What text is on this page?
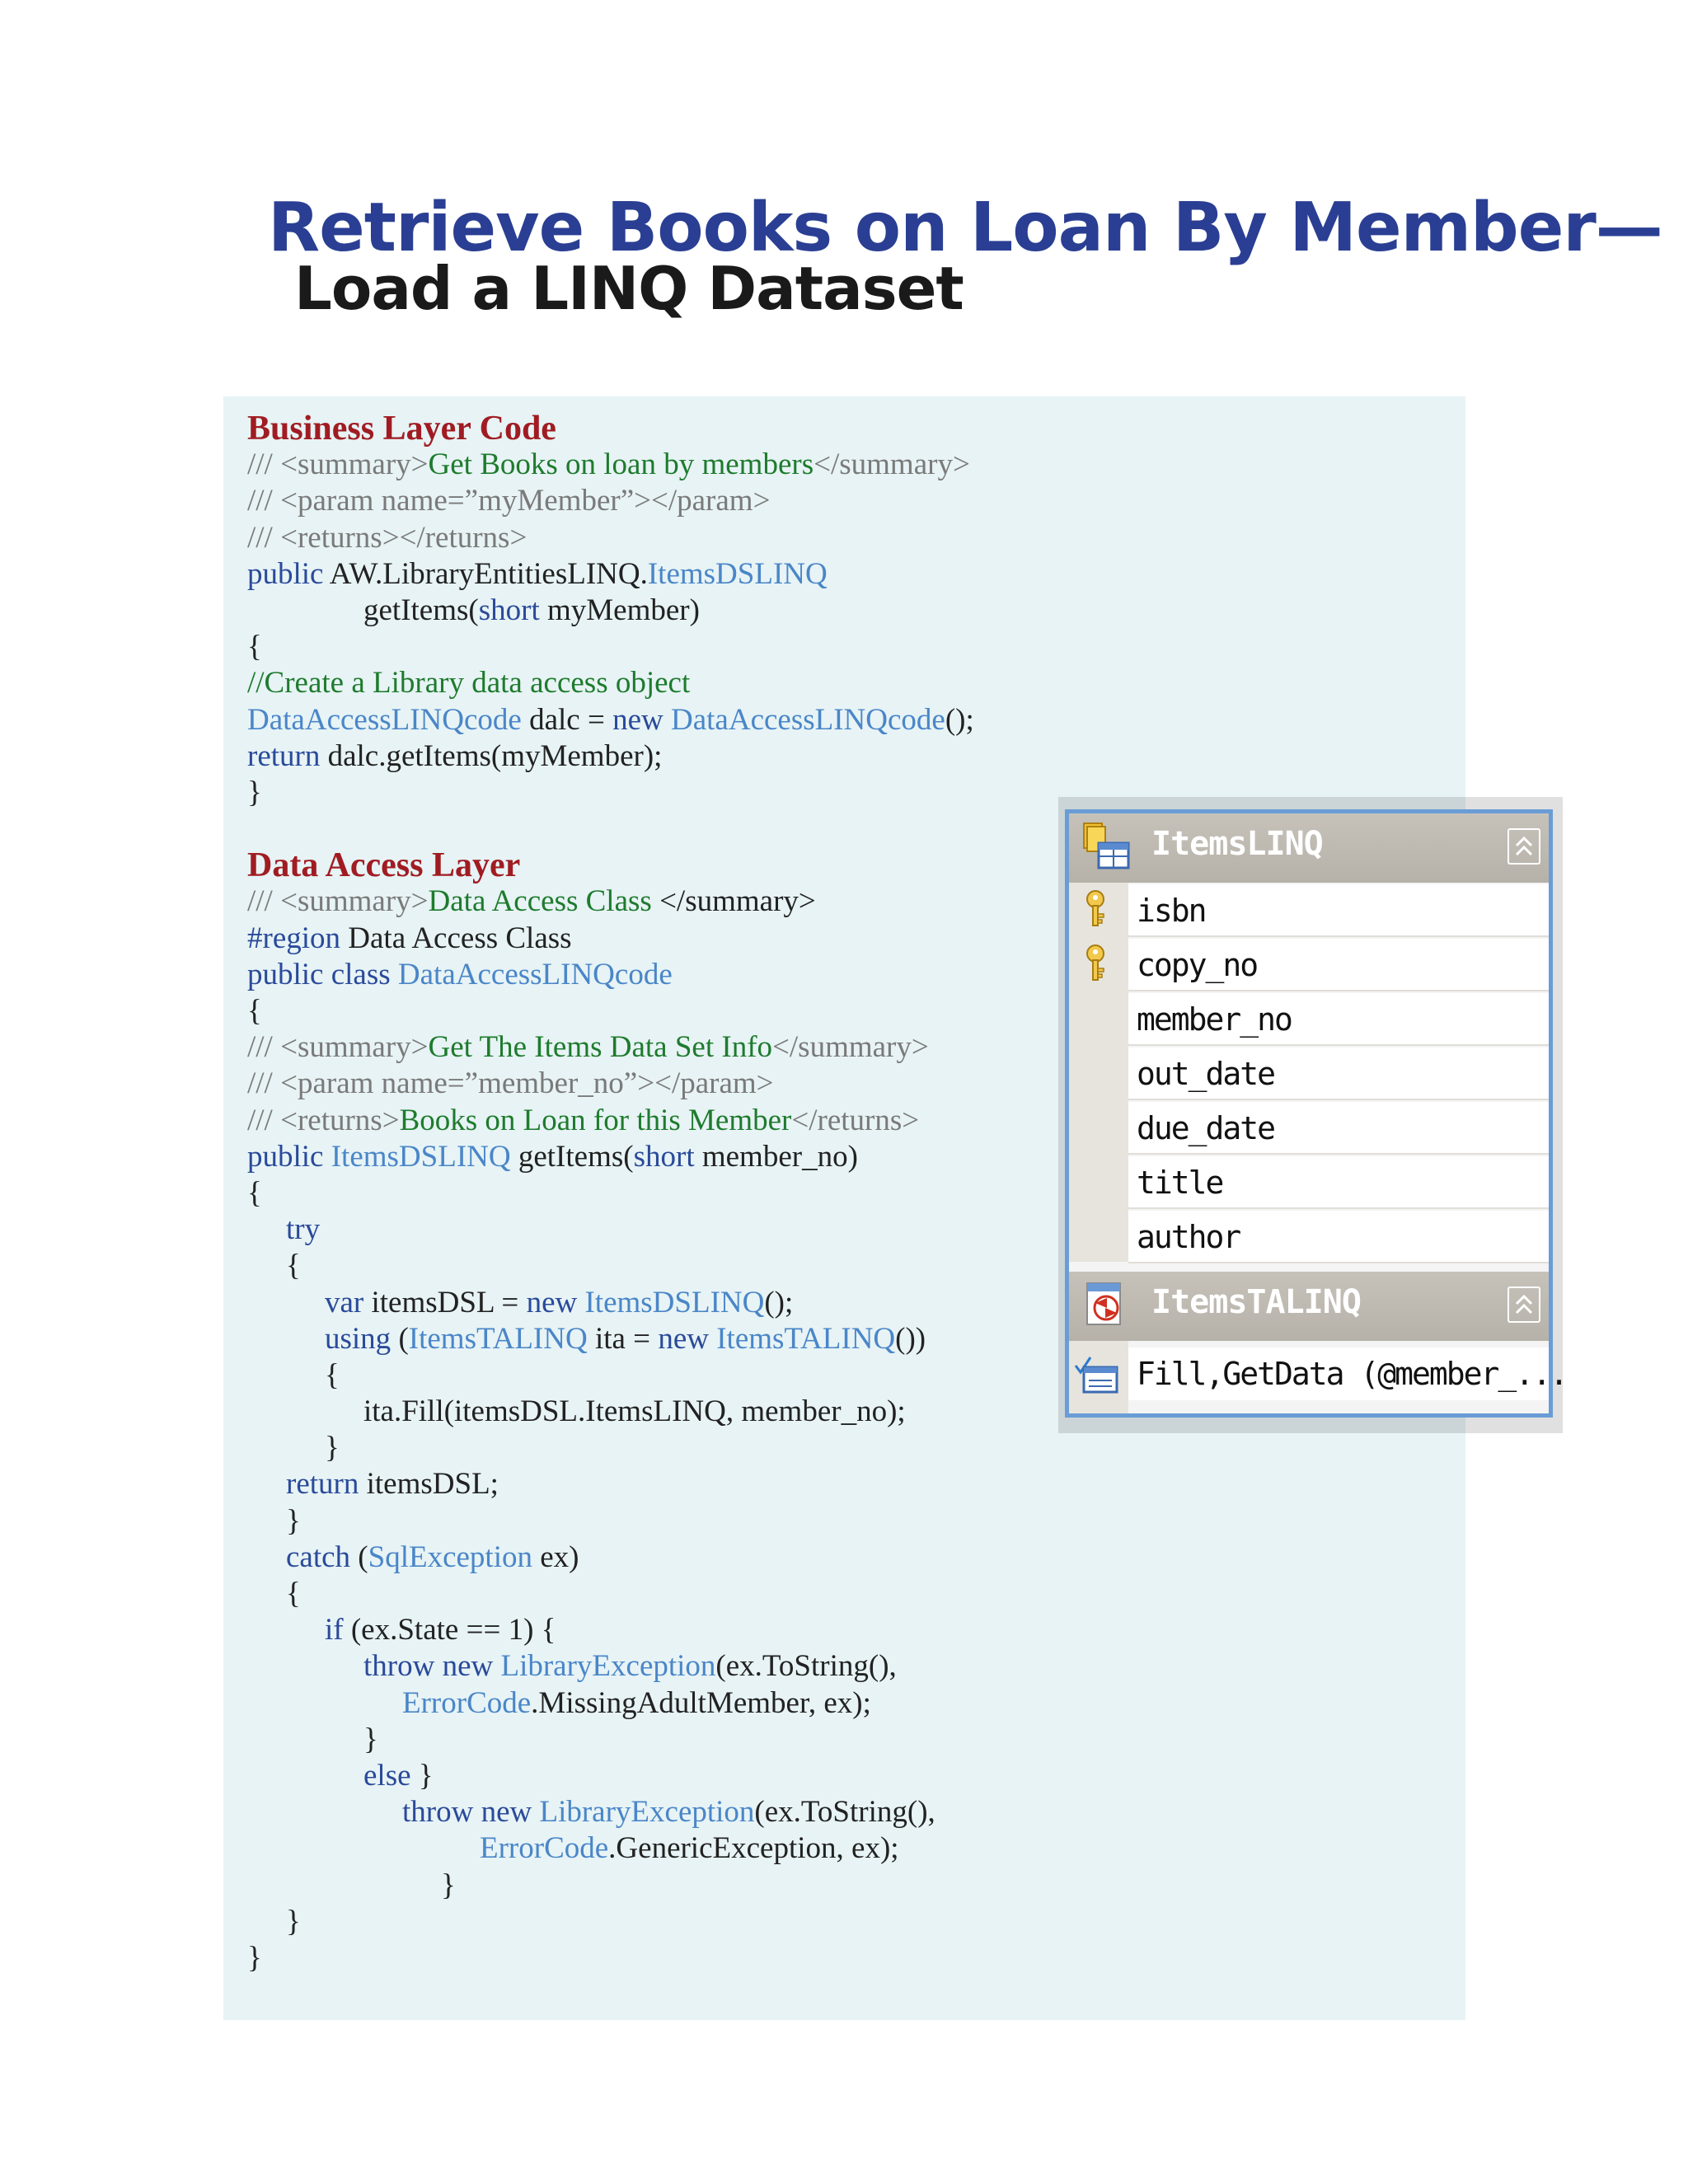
Retrieve Books on Loan By Member—
Load a LINQ Dataset
Business Layer Code
/// <summary>Get Books on loan by members</summary>
/// <param name=”myMember”></param>
/// <returns></returns>
public AW.LibraryEntitiesLINQ.ItemsDSLINQ
getItems(short myMember)
{
//Create a Library data access object
DataAccessLINQcode dalc = new DataAccessLINQcode();
return dalc.getItems(myMember);
}
Data Access Layer
/// <summary>Data Access Class </summary>
#region Data Access Class
public class DataAccessLINQcode
{
/// <summary>Get The Items Data Set Info</summary>
/// <param name=”member_no”></param>
/// <returns>Books on Loan for this Member</returns>
public ItemsDSLINQ getItems(short member_no)
{
try
{
var itemsDSL = new ItemsDSLINQ();
using (ItemsTALINQ ita = new ItemsTALINQ())
{
ita.Fill(itemsDSL.ItemsLINQ, member_no);
}
return itemsDSL;
}
catch (SqlException ex)
{
if (ex.State == 1) {
throw new LibraryException(ex.ToString(),
ErrorCode.MissingAdultMember, ex);
}
else }
throw new LibraryException(ex.ToString(),
ErrorCode.GenericException, ex);
}
}
}
ItemsLINQ
isbn
copy_no
member_no
out_date
due_date
title
author
ItemsTALINQ
Fill,GetData (@member_...
